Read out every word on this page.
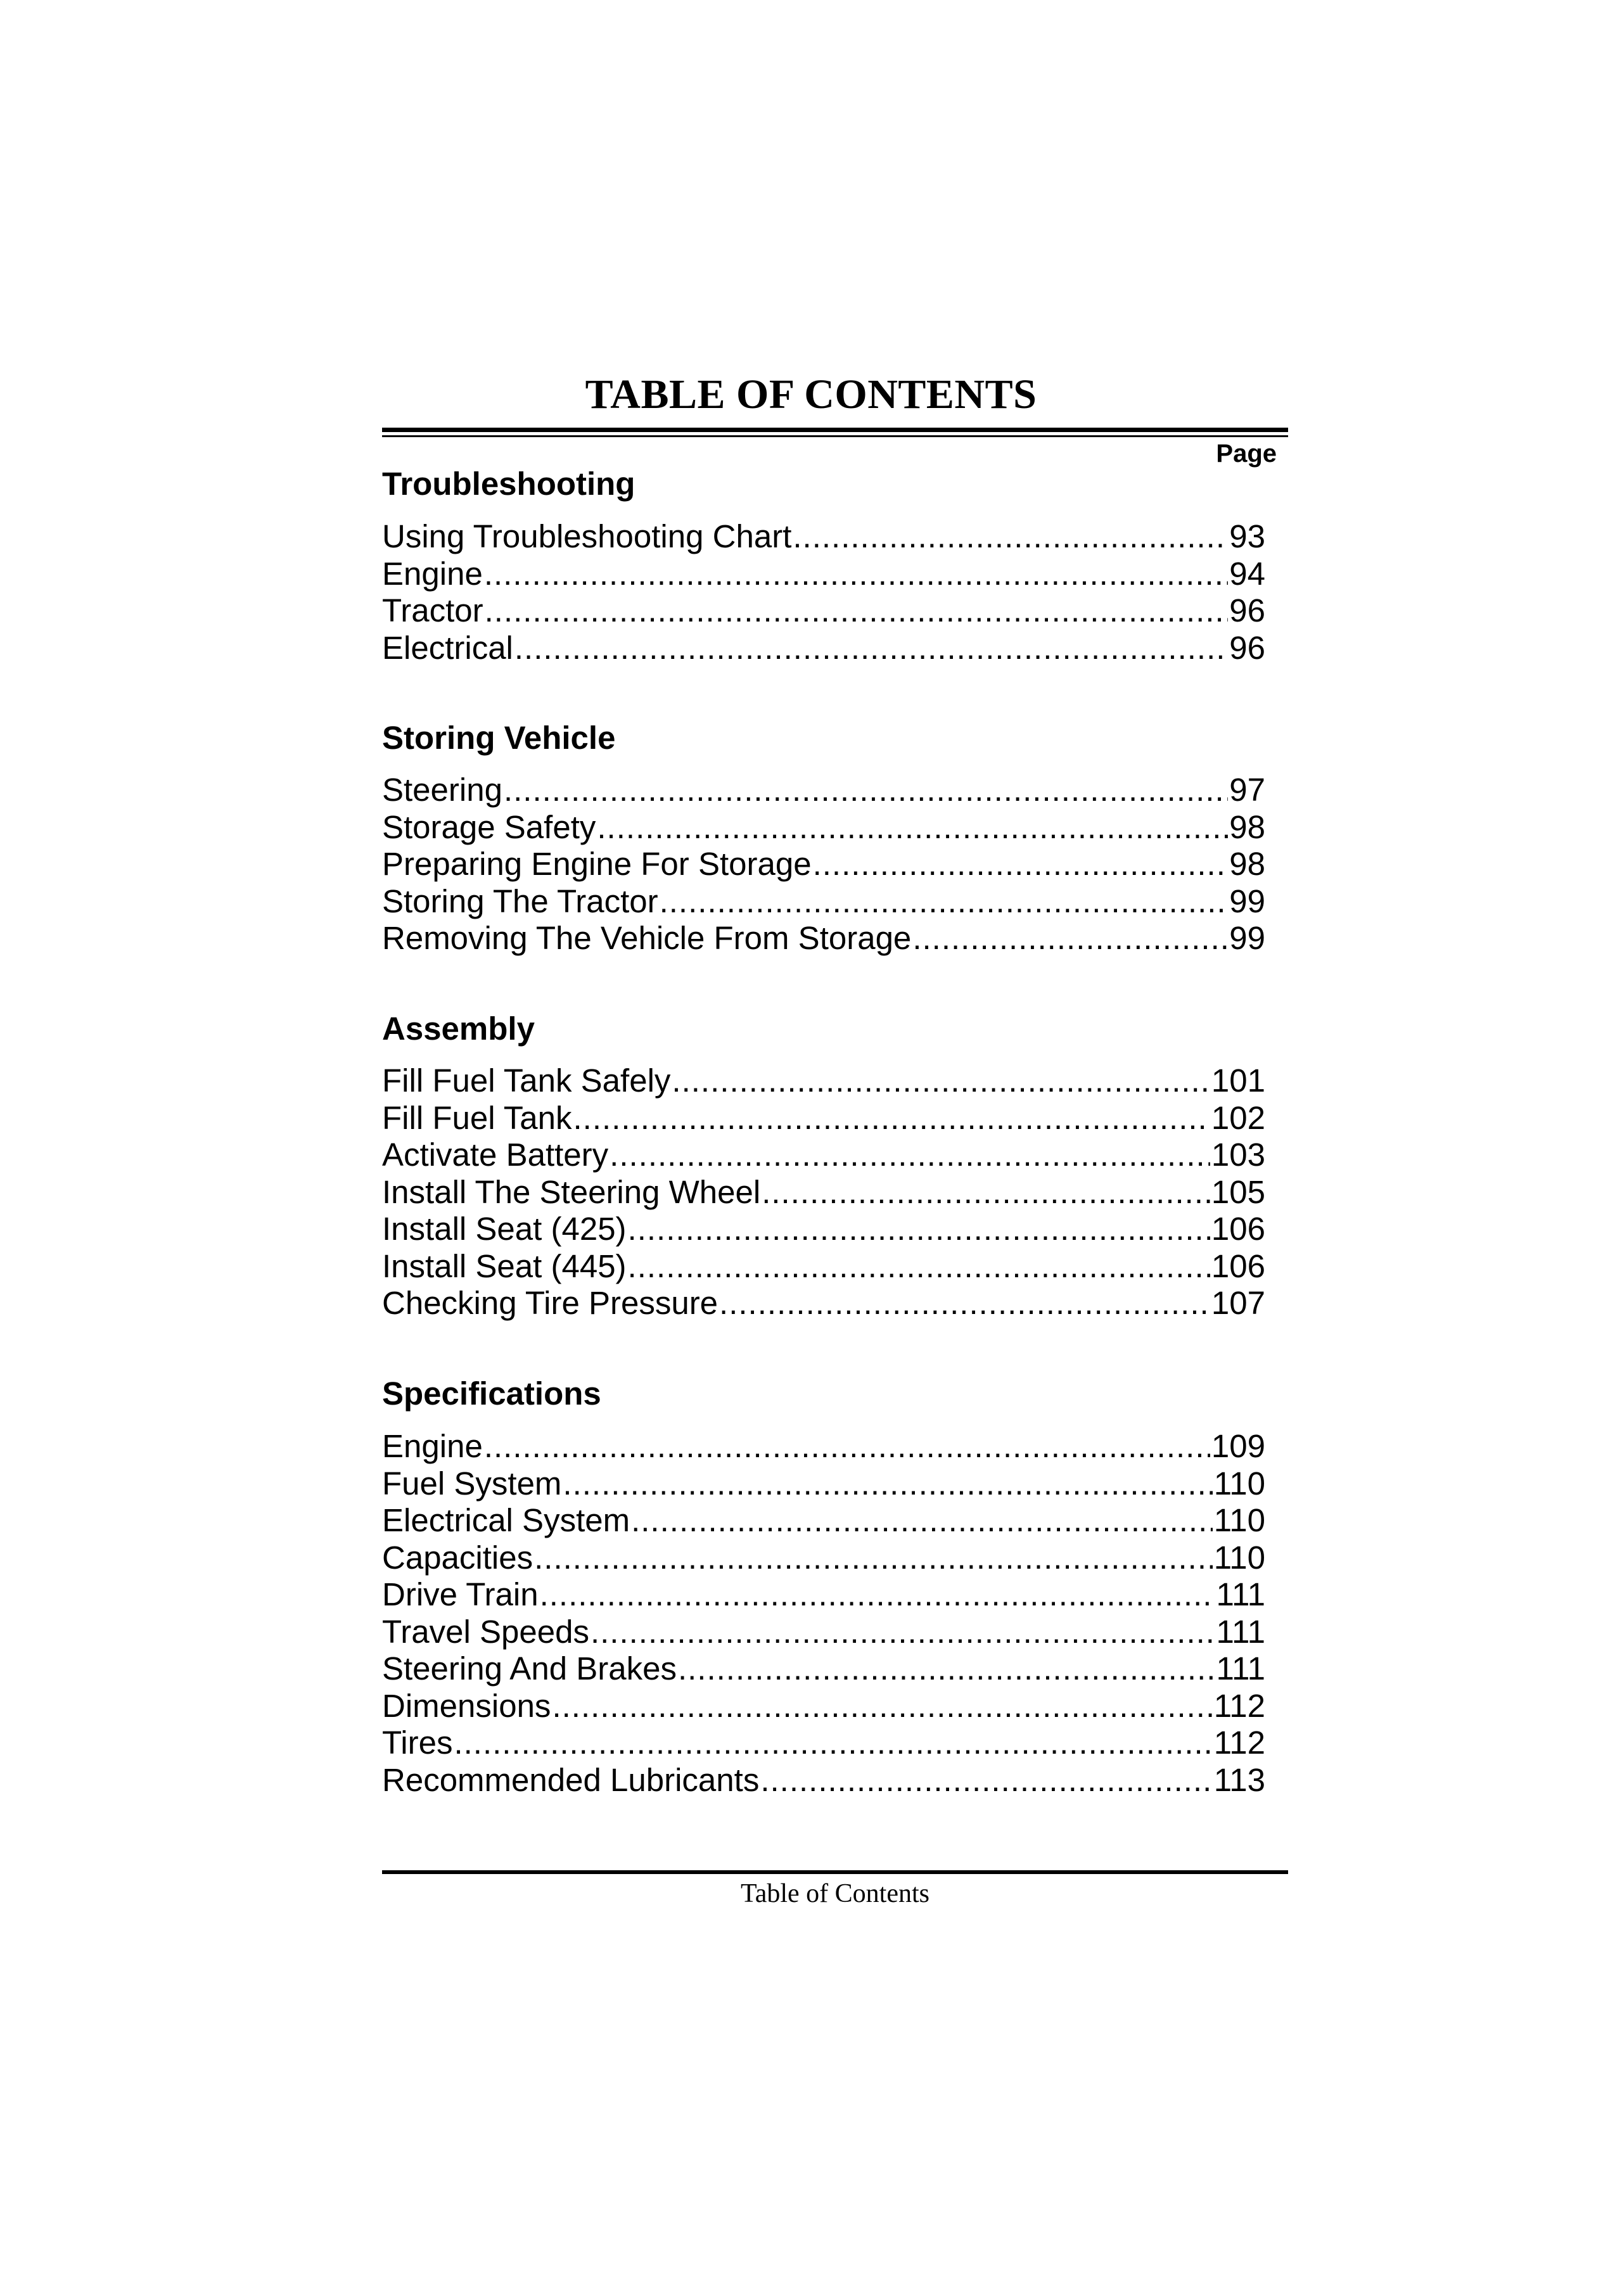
TABLE OF CONTENTS
Page
Troubleshooting
Using Troubleshooting Chart .....	93
Engine .....	94
Tractor .....	96
Electrical .....	96
Storing Vehicle
Steering .....	97
Storage Safety .....	98
Preparing Engine For Storage .....	98
Storing The Tractor .....	99
Removing The Vehicle From Storage .....	99
Assembly
Fill Fuel Tank Safely .....	101
Fill Fuel Tank .....	102
Activate Battery .....	103
Install The Steering Wheel .....	105
Install Seat (425) .....	106
Install Seat (445) .....	106
Checking Tire Pressure .....	107
Specifications
Engine .....	109
Fuel System .....	110
Electrical System .....	110
Capacities .....	110
Drive Train .....	111
Travel Speeds .....	111
Steering And Brakes .....	111
Dimensions .....	112
Tires .....	112
Recommended Lubricants .....	113
Table of Contents
